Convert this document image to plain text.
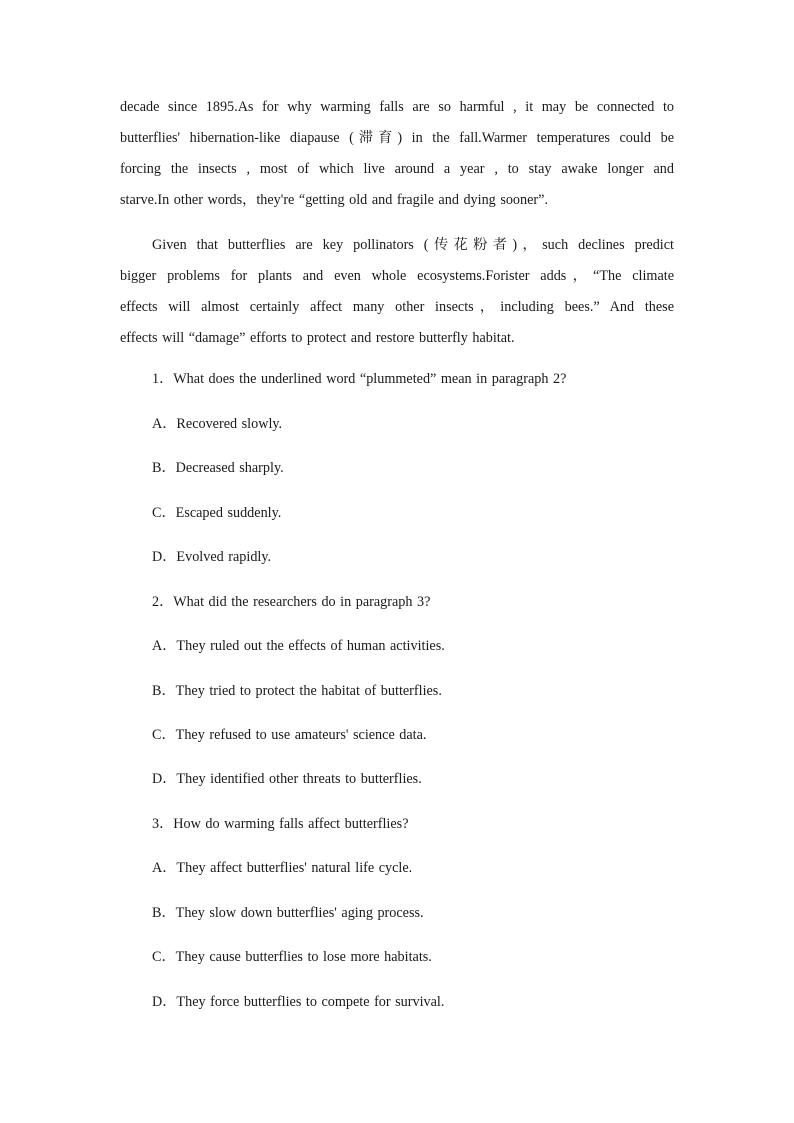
decade since 1895.As for why warming falls are so harmful , it may be connected to
butterflies' hibernation-like diapause (滞育) in the fall.Warmer temperatures could be
forcing the insects , most of which live around a year , to stay awake longer and
starve.In other words，they're “getting old and fragile and dying sooner”.
Given that butterflies are key pollinators (传花粉者)，such declines predict
bigger problems for plants and even whole ecosystems.Forister adds，“The climate
effects will almost certainly affect many other insects，including bees.” And these
effects will “damage” efforts to protect and restore butterfly habitat.

1．What does the underlined word “plummeted” mean in paragraph 2?

A．Recovered slowly.

B．Decreased sharply.

C．Escaped suddenly.

D．Evolved rapidly.

2．What did the researchers do in paragraph 3?

A．They ruled out the effects of human activities.

B．They tried to protect the habitat of butterflies.

C．They refused to use amateurs' science data.

D．They identified other threats to butterflies.

3．How do warming falls affect butterflies?

A．They affect butterflies' natural life cycle.

B．They slow down butterflies' aging process.

C．They cause butterflies to lose more habitats.

D．They force butterflies to compete for survival.
